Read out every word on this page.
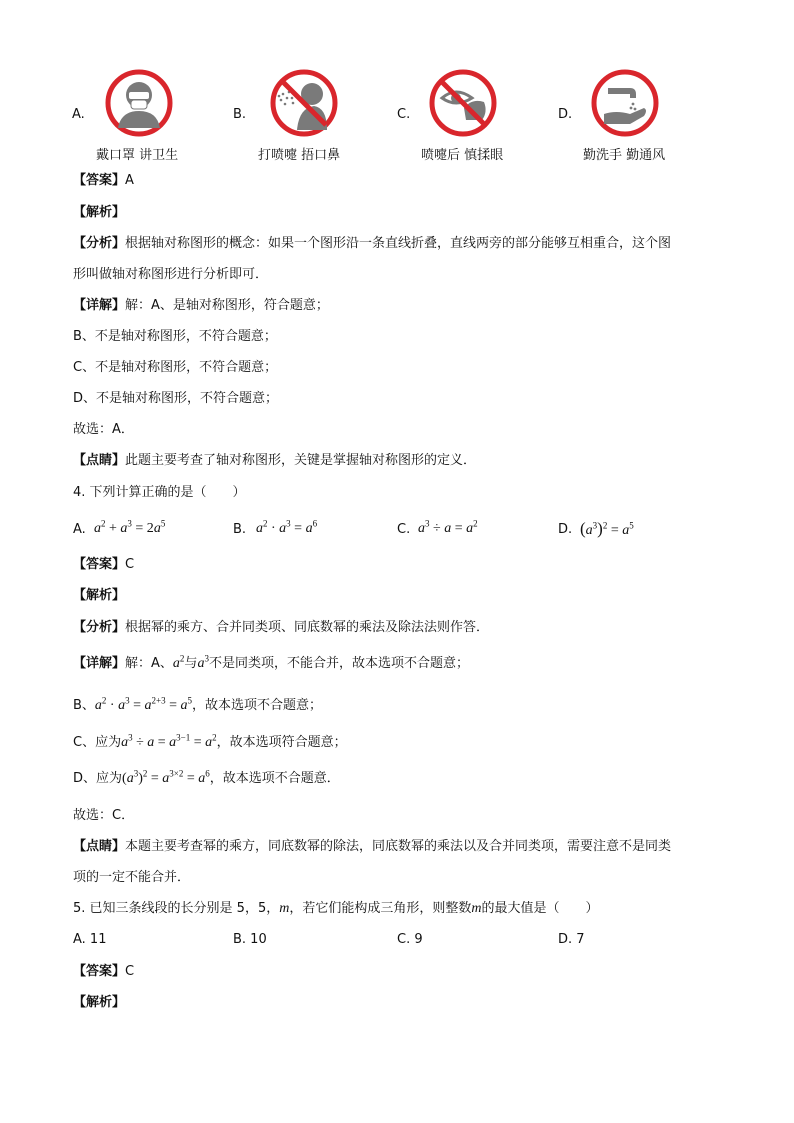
A.
戴口罩 讲卫生
B.
打喷嚏 捂口鼻
C.
喷嚏后 慎揉眼
D.
勤洗手 勤通风
【答案】A
【解析】
【分析】根据轴对称图形的概念：如果一个图形沿一条直线折叠，直线两旁的部分能够互相重合，这个图
形叫做轴对称图形进行分析即可．
【详解】解：A、是轴对称图形，符合题意；
B、不是轴对称图形，不符合题意；
C、不是轴对称图形，不符合题意；
D、不是轴对称图形，不符合题意；
故选：A．
【点睛】此题主要考查了轴对称图形，关键是掌握轴对称图形的定义．
4. 下列计算正确的是（　　）
A. $a^2 + a^3 = 2a^5$	B. $a^2 \cdot a^3 = a^6$	C. $a^3 \div a = a^2$	D. $(a^3)^2 = a^5$
【答案】C
【解析】
【分析】根据幂的乘方、合并同类项、同底数幂的乘法及除法法则作答．
【详解】解：A、$a^2$与$a^3$不是同类项，不能合并，故本选项不合题意；
B、$a^2 \cdot a^3 = a^{2+3} = a^5$，故本选项不合题意；
C、应为$a^3 \div a = a^{3-1} = a^2$，故本选项符合题意；
D、应为$(a^3)^2 = a^{3\times 2} = a^6$，故本选项不合题意．
故选：C．
【点睛】本题主要考查幂的乘方，同底数幂的除法，同底数幂的乘法以及合并同类项，需要注意不是同类
项的一定不能合并．
5. 已知三条线段的长分别是 5，5，m，若它们能构成三角形，则整数m的最大值是（　　）
A. 11	B. 10	C. 9	D. 7
【答案】C
【解析】
